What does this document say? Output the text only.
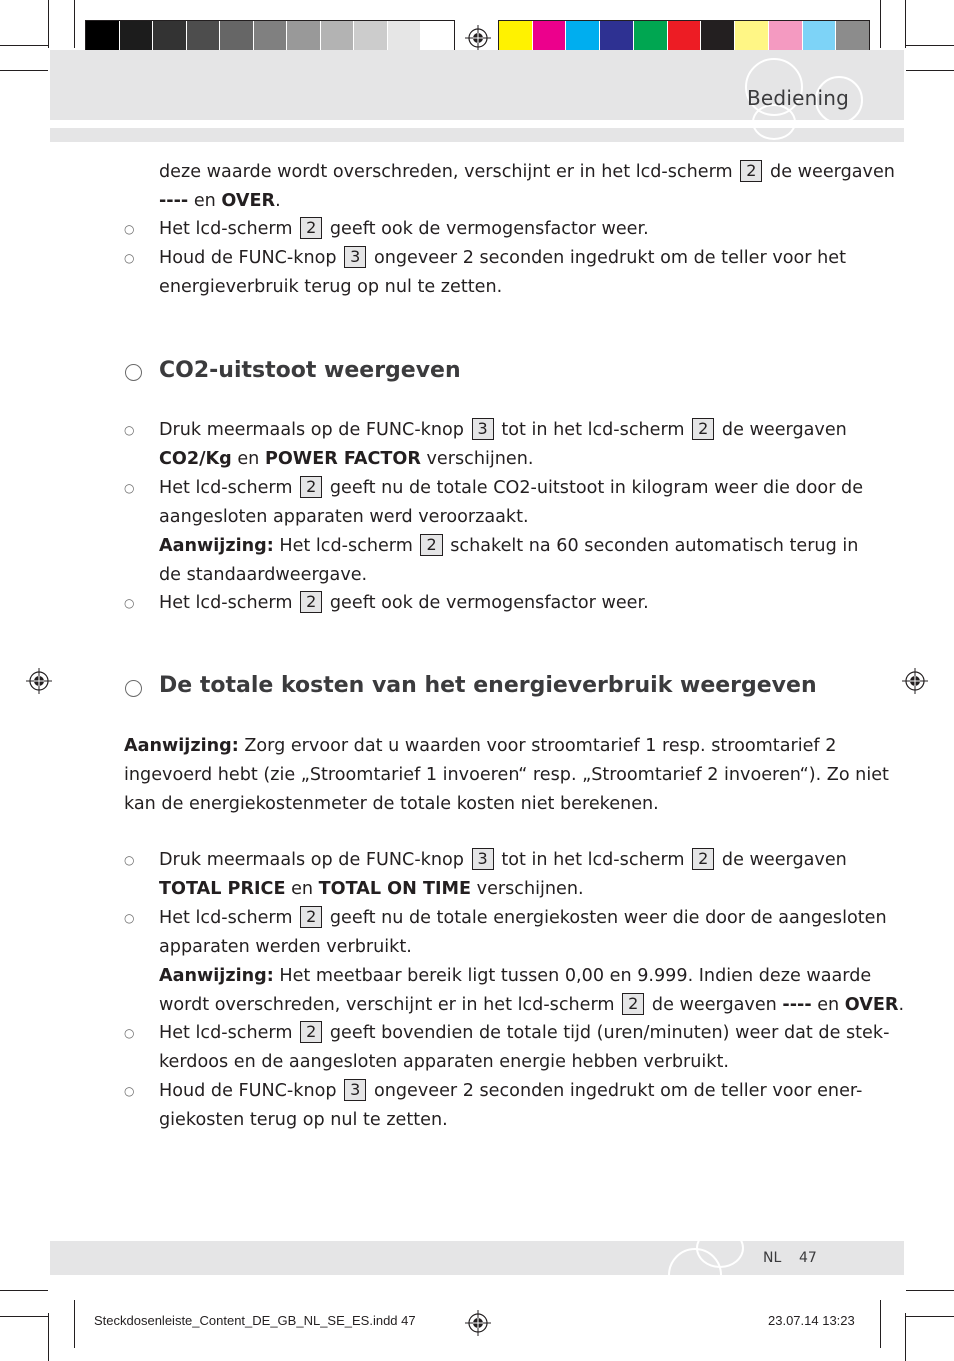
Bediening
deze waarde wordt overschreden, verschijnt er in het lcd-scherm 2 de weergaven
---- en OVER.
○ Het lcd-scherm 2 geeft ook de vermogensfactor weer.
○ Houd de FUNC-knop 3 ongeveer 2 seconden ingedrukt om de teller voor het
energieverbruik terug op nul te zetten.
CO2-uitstoot weergeven
○ Druk meermaals op de FUNC-knop 3 tot in het lcd-scherm 2 de weergaven
CO2/Kg en POWER FACTOR verschijnen.
○ Het lcd-scherm 2 geeft nu de totale CO2-uitstoot in kilogram weer die door de
aangesloten apparaten werd veroorzaakt.
Aanwijzing: Het lcd-scherm 2 schakelt na 60 seconden automatisch terug in
de standaardweergave.
○ Het lcd-scherm 2 geeft ook de vermogensfactor weer.
De totale kosten van het energieverbruik weergeven
Aanwijzing: Zorg ervoor dat u waarden voor stroomtarief 1 resp. stroomtarief 2
ingevoerd hebt (zie „Stroomtarief 1 invoeren“ resp. „Stroomtarief 2 invoeren“). Zo niet
kan de energiekostenmeter de totale kosten niet berekenen.
○ Druk meermaals op de FUNC-knop 3 tot in het lcd-scherm 2 de weergaven
TOTAL PRICE en TOTAL ON TIME verschijnen.
○ Het lcd-scherm 2 geeft nu de totale energiekosten weer die door de aangesloten
apparaten werden verbruikt.
Aanwijzing: Het meetbaar bereik ligt tussen 0,00 en 9.999. Indien deze waarde
wordt overschreden, verschijnt er in het lcd-scherm 2 de weergaven ---- en OVER.
○ Het lcd-scherm 2 geeft bovendien de totale tijd (uren/minuten) weer dat de stek-
kerdoos en de aangesloten apparaten energie hebben verbruikt.
○ Houd de FUNC-knop 3 ongeveer 2 seconden ingedrukt om de teller voor ener-
giekosten terug op nul te zetten.
NL 47
Steckdosenleiste_Content_DE_GB_NL_SE_ES.indd 47	23.07.14 13:23
